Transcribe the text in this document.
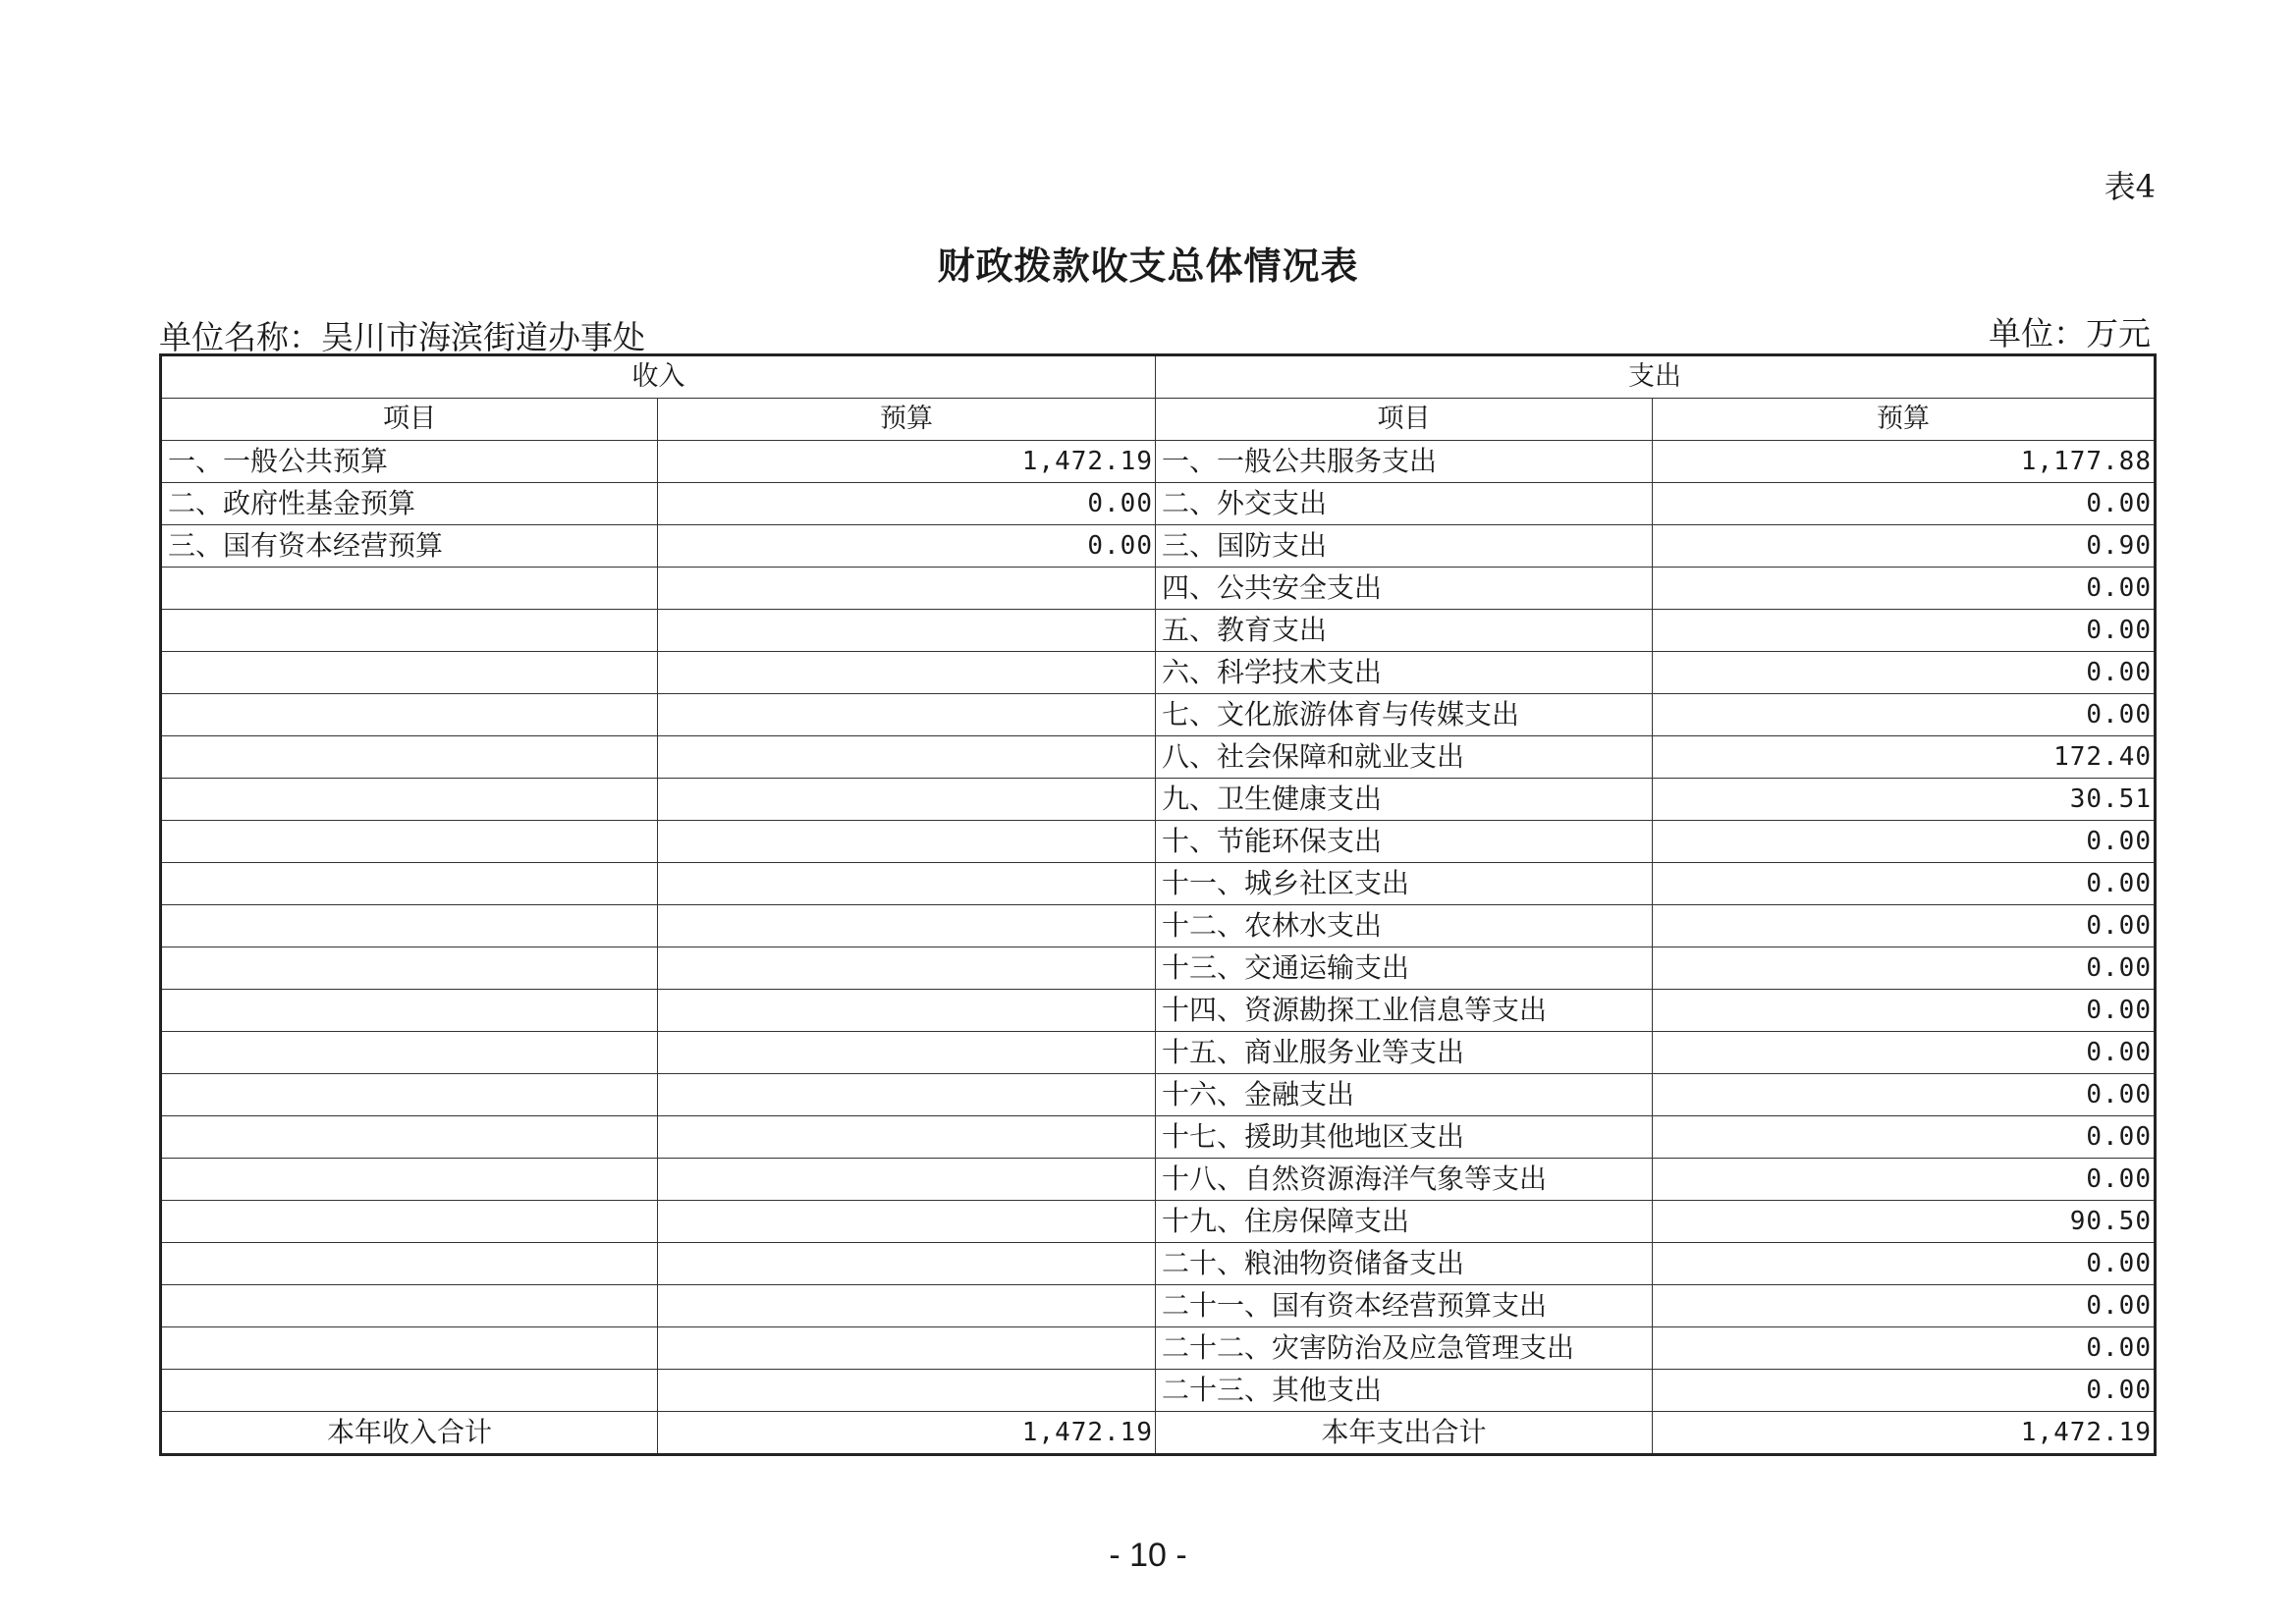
表4
财政拨款收支总体情况表
单位名称：吴川市海滨街道办事处	单位：万元
收入		支出	
项目	预算	项目	预算
一、一般公共预算	1,472.19	一、一般公共服务支出	1,177.88
二、政府性基金预算	0.00	二、外交支出	0.00
三、国有资本经营预算	0.00	三、国防支出	0.90
		四、公共安全支出	0.00
		五、教育支出	0.00
		六、科学技术支出	0.00
		七、文化旅游体育与传媒支出	0.00
		八、社会保障和就业支出	172.40
		九、卫生健康支出	30.51
		十、节能环保支出	0.00
		十一、城乡社区支出	0.00
		十二、农林水支出	0.00
		十三、交通运输支出	0.00
		十四、资源勘探工业信息等支出	0.00
		十五、商业服务业等支出	0.00
		十六、金融支出	0.00
		十七、援助其他地区支出	0.00
		十八、自然资源海洋气象等支出	0.00
		十九、住房保障支出	90.50
		二十、粮油物资储备支出	0.00
		二十一、国有资本经营预算支出	0.00
		二十二、灾害防治及应急管理支出	0.00
		二十三、其他支出	0.00
本年收入合计	1,472.19	本年支出合计	1,472.19
- 10 -
